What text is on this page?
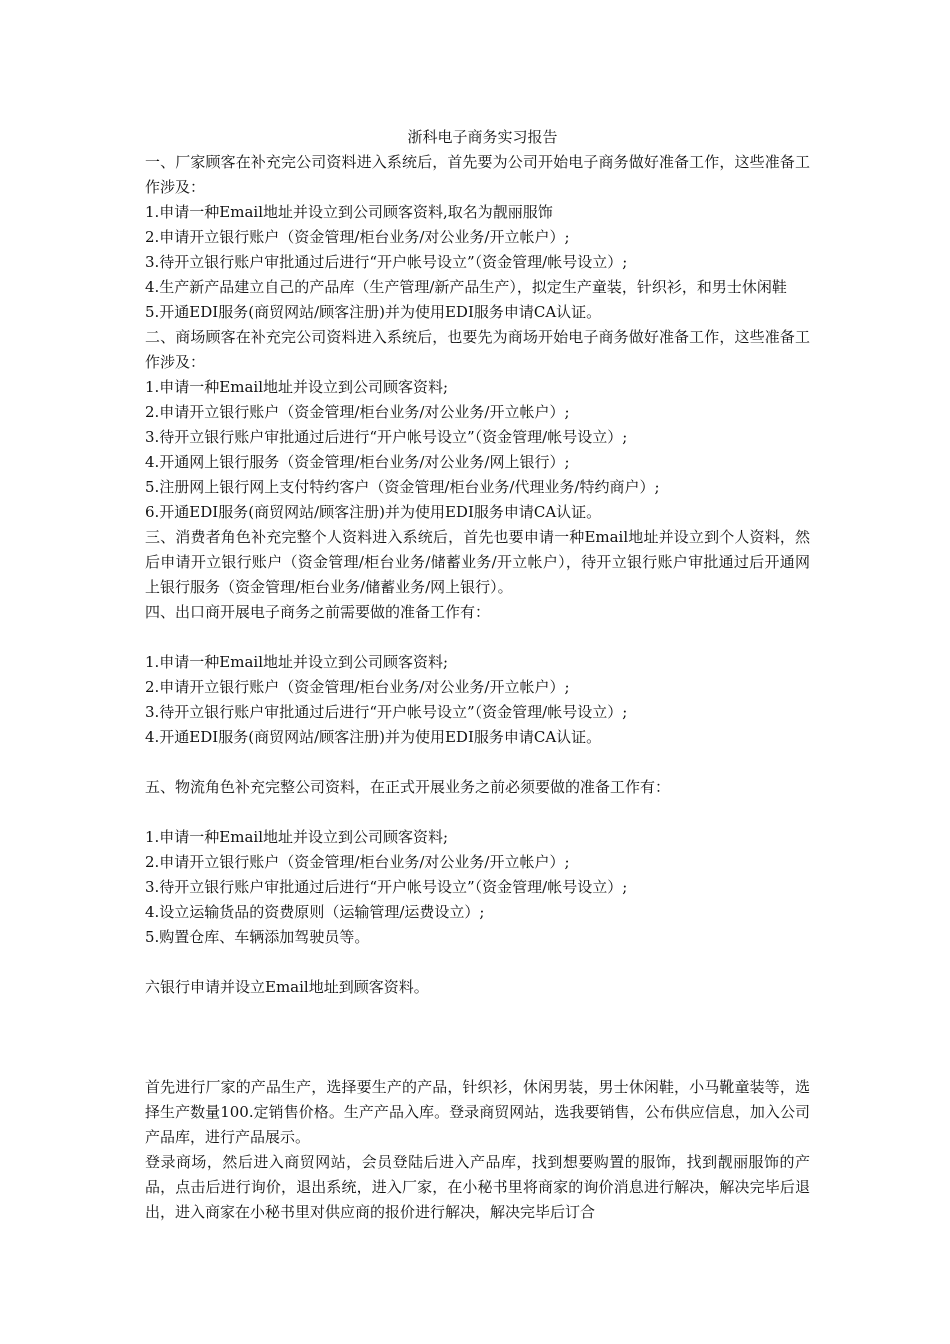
浙科电子商务实习报告

一、厂家顾客在补充完公司资料进入系统后，首先要为公司开始电子商务做好准备工作，这些准备工作涉及：

1.申请一种Email地址并设立到公司顾客资料,取名为靓丽服饰

2.申请开立银行账户（资金管理/柜台业务/对公业务/开立帐户）;

3.待开立银行账户审批通过后进行“开户帐号设立”（资金管理/帐号设立）;

4.生产新产品建立自己的产品库（生产管理/新产品生产），拟定生产童装，针织衫，和男士休闲鞋

5.开通EDI服务(商贸网站/顾客注册)并为使用EDI服务申请CA认证。

二、商场顾客在补充完公司资料进入系统后，也要先为商场开始电子商务做好准备工作，这些准备工作涉及：

1.申请一种Email地址并设立到公司顾客资料;

2.申请开立银行账户（资金管理/柜台业务/对公业务/开立帐户）;

3.待开立银行账户审批通过后进行“开户帐号设立”（资金管理/帐号设立）;

4.开通网上银行服务（资金管理/柜台业务/对公业务/网上银行）;

5.注册网上银行网上支付特约客户（资金管理/柜台业务/代理业务/特约商户）;

6.开通EDI服务(商贸网站/顾客注册)并为使用EDI服务申请CA认证。

三、消费者角色补充完整个人资料进入系统后，首先也要申请一种Email地址并设立到个人资料，然后申请开立银行账户（资金管理/柜台业务/储蓄业务/开立帐户），待开立银行账户审批通过后开通网上银行服务（资金管理/柜台业务/储蓄业务/网上银行）。

四、出口商开展电子商务之前需要做的准备工作有：

1.申请一种Email地址并设立到公司顾客资料;

2.申请开立银行账户（资金管理/柜台业务/对公业务/开立帐户）;

3.待开立银行账户审批通过后进行“开户帐号设立”（资金管理/帐号设立）;

4.开通EDI服务(商贸网站/顾客注册)并为使用EDI服务申请CA认证。

五、物流角色补充完整公司资料，在正式开展业务之前必须要做的准备工作有：

1.申请一种Email地址并设立到公司顾客资料;

2.申请开立银行账户（资金管理/柜台业务/对公业务/开立帐户）;

3.待开立银行账户审批通过后进行“开户帐号设立”（资金管理/帐号设立）;

4.设立运输货品的资费原则（运输管理/运费设立）;

5.购置仓库、车辆添加驾驶员等。

六银行申请并设立Email地址到顾客资料。

首先进行厂家的产品生产，选择要生产的产品，针织衫，休闲男装，男士休闲鞋，小马靴童装等，选择生产数量100.定销售价格。生产产品入库。登录商贸网站，选我要销售，公布供应信息，加入公司产品库，进行产品展示。

登录商场，然后进入商贸网站，会员登陆后进入产品库，找到想要购置的服饰，找到靓丽服饰的产品，点击后进行询价，退出系统，进入厂家，在小秘书里将商家的询价消息进行解决，解决完毕后退出，进入商家在小秘书里对供应商的报价进行解决，解决完毕后订合
